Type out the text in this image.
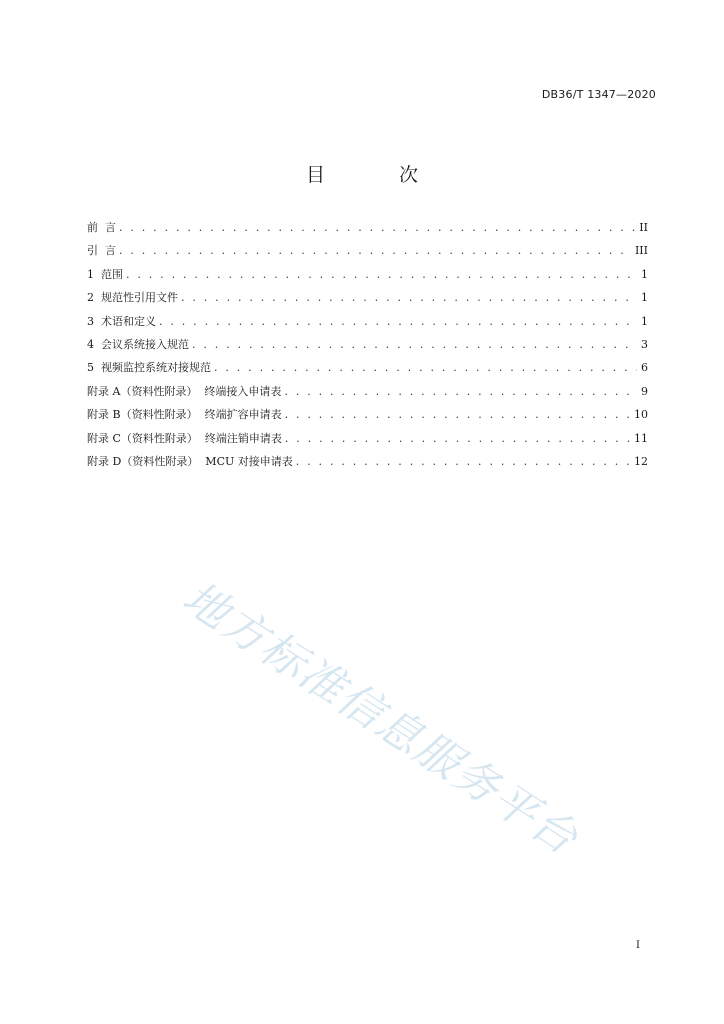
DB36/T 1347—2020
目 次
前  言 . . .	II
引  言 . . .	III
1  范围 . . .	1
2  规范性引用文件 . . .	1
3  术语和定义 . . .	1
4  会议系统接入规范 . . .	3
5  视频监控系统对接规范 . . .	6
附录 A（资料性附录）  终端接入申请表 . . .	9
附录 B（资料性附录）  终端扩容申请表 . . .	10
附录 C（资料性附录）  终端注销申请表 . . .	11
附录 D（资料性附录）  MCU 对接申请表 . . .	12
地方标准信息服务平台
I
